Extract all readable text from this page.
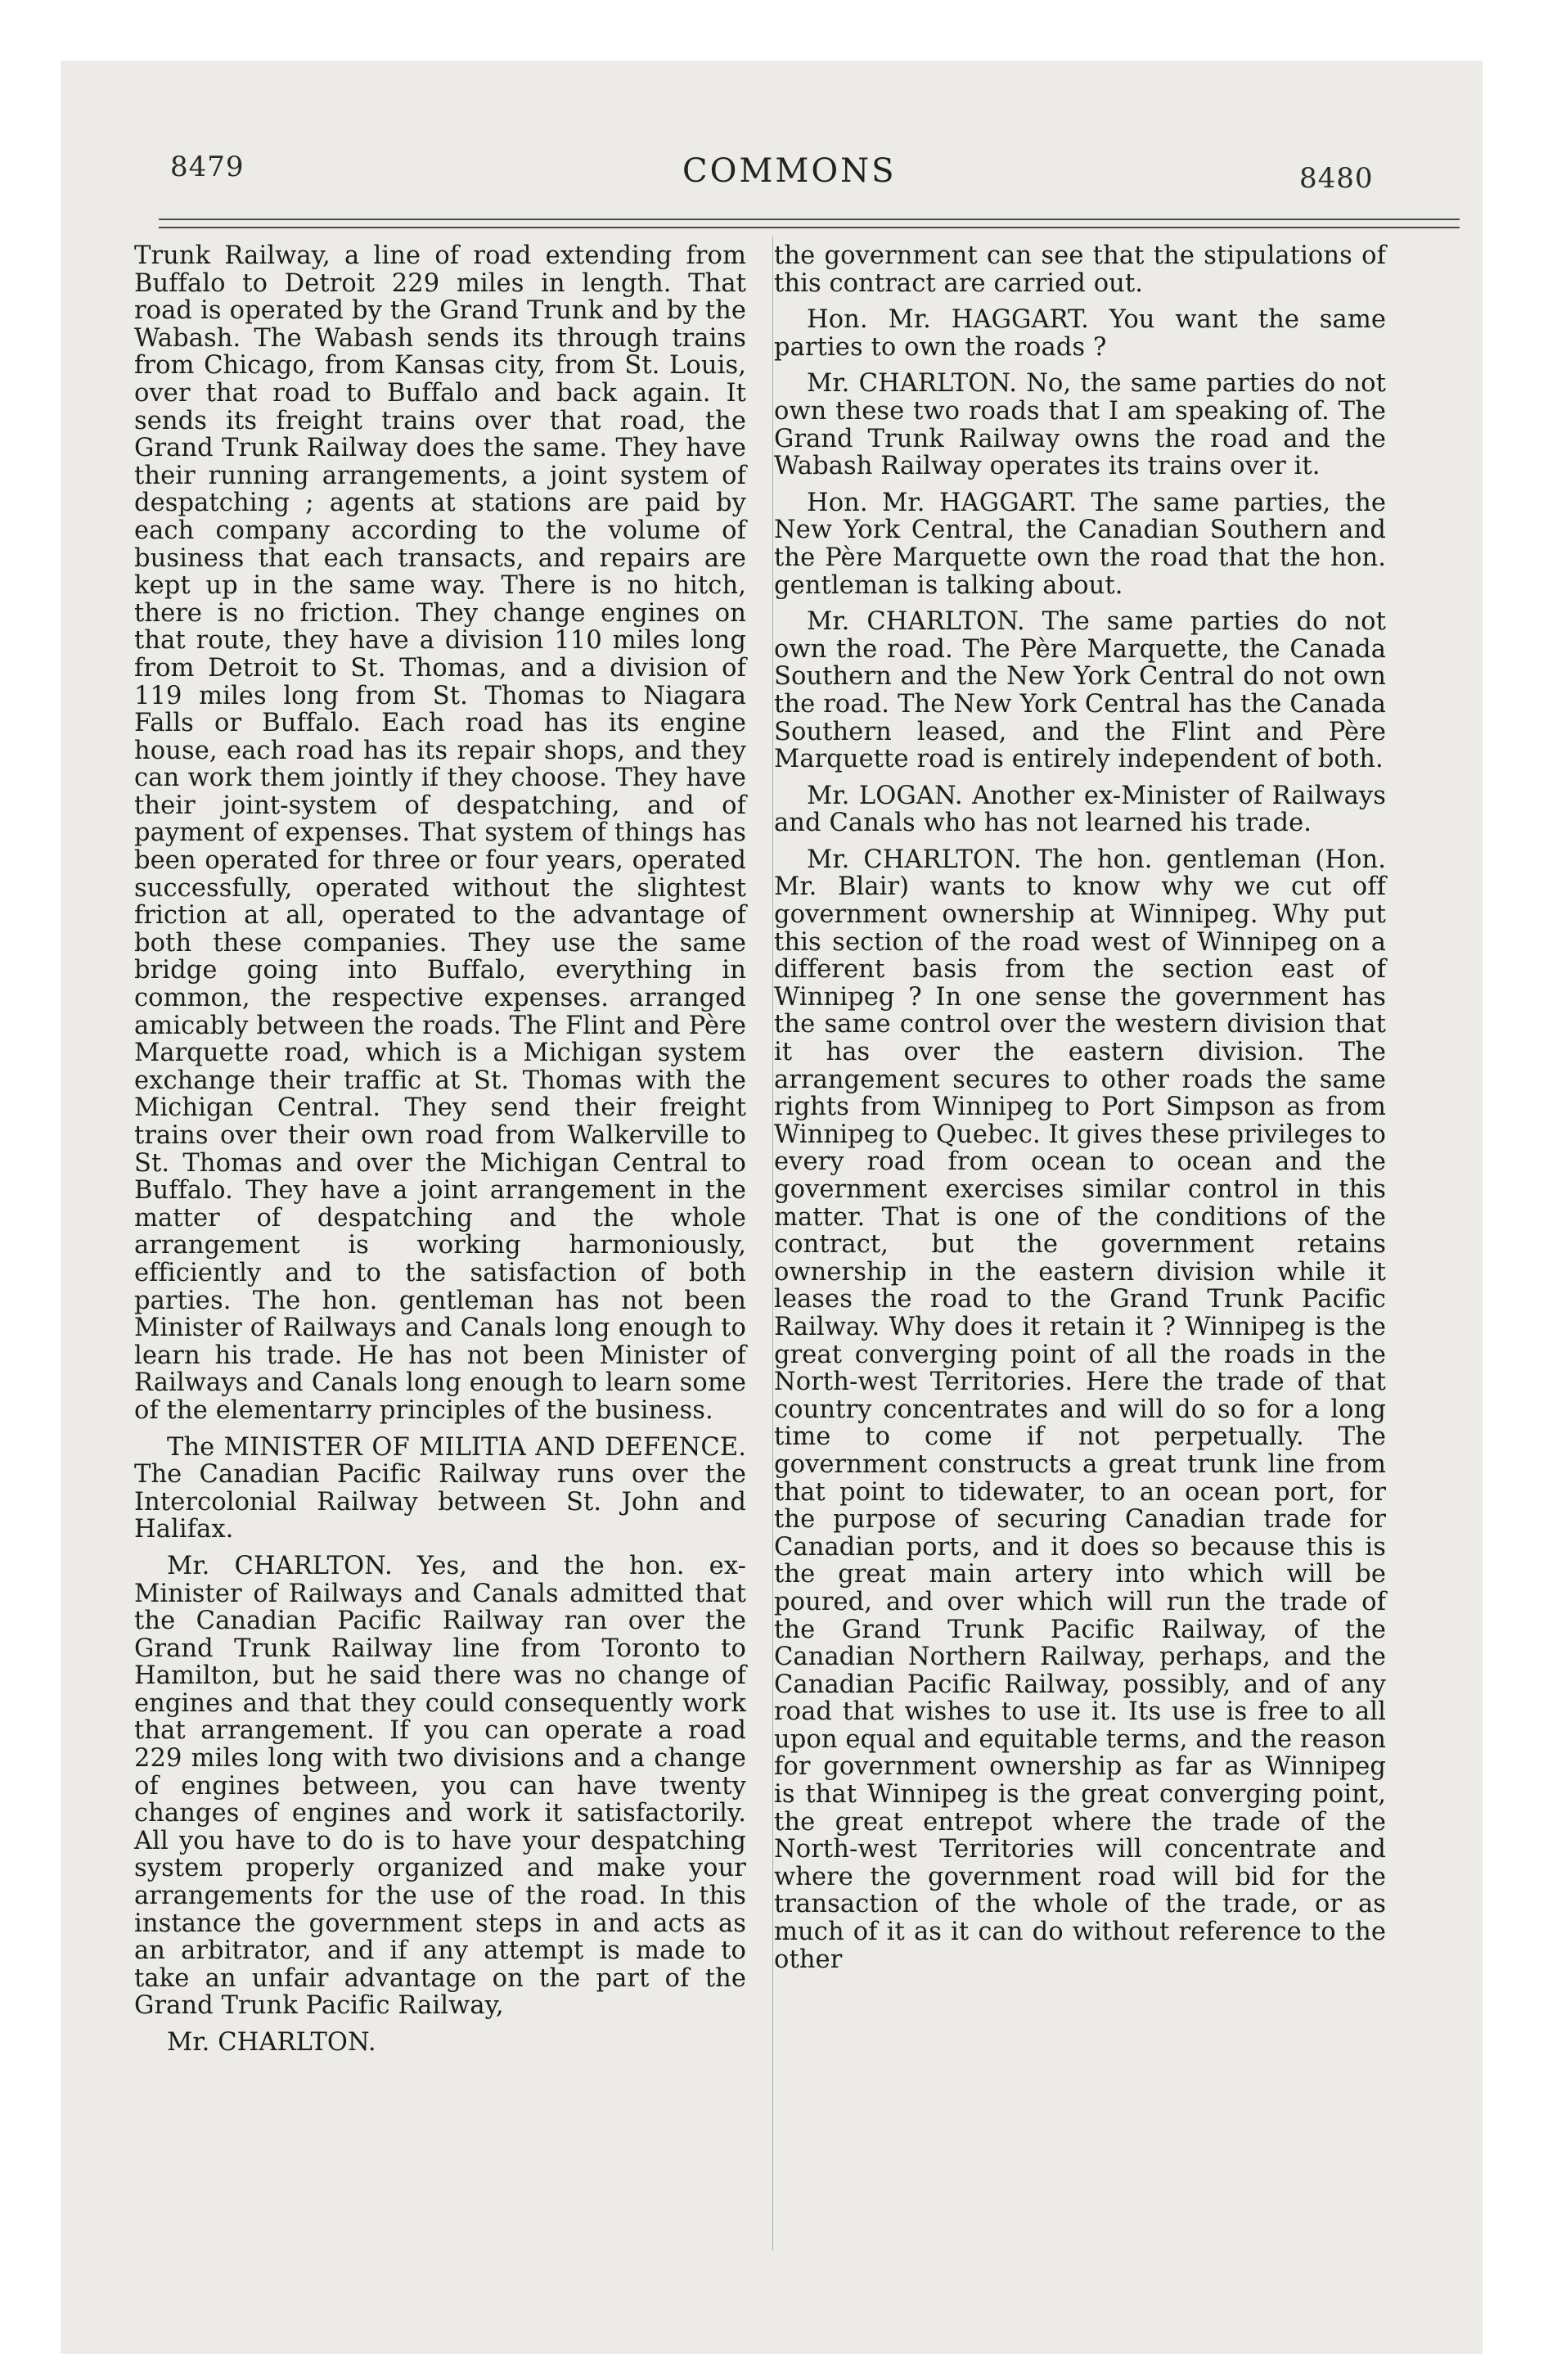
8479	COMMONS	8480

Trunk Railway, a line of road extending from Buffalo to Detroit 229 miles in length. That road is operated by the Grand Trunk and by the Wabash. The Wabash sends its through trains from Chicago, from Kansas city, from St. Louis, over that road to Buffalo and back again. It sends its freight trains over that road, the Grand Trunk Railway does the same. They have their running arrangements, a joint system of despatching ; agents at stations are paid by each company according to the volume of business that each transacts, and repairs are kept up in the same way. There is no hitch, there is no friction. They change engines on that route, they have a division 110 miles long from Detroit to St. Thomas, and a division of 119 miles long from St. Thomas to Niagara Falls or Buffalo. Each road has its engine house, each road has its repair shops, and they can work them jointly if they choose. They have their joint-system of despatching, and of payment of expenses. That system of things has been operated for three or four years, operated successfully, operated without the slightest friction at all, operated to the advantage of both these companies. They use the same bridge going into Buffalo, everything in common, the respective expenses. arranged amicably between the roads. The Flint and Père Marquette road, which is a Michigan system exchange their traffic at St. Thomas with the Michigan Central. They send their freight trains over their own road from Walkerville to St. Thomas and over the Michigan Central to Buffalo. They have a joint arrangement in the matter of despatching and the whole arrangement is working harmoniously, efficiently and to the satisfaction of both parties. The hon. gentleman has not been Minister of Railways and Canals long enough to learn his trade. He has not been Minister of Railways and Canals long enough to learn some of the elementarry principles of the business.

The MINISTER OF MILITIA AND DEFENCE. The Canadian Pacific Railway runs over the Intercolonial Railway between St. John and Halifax.

Mr. CHARLTON. Yes, and the hon. ex-Minister of Railways and Canals admitted that the Canadian Pacific Railway ran over the Grand Trunk Railway line from Toronto to Hamilton, but he said there was no change of engines and that they could consequently work that arrangement. If you can operate a road 229 miles long with two divisions and a change of engines between, you can have twenty changes of engines and work it satisfactorily. All you have to do is to have your despatching system properly organized and make your arrangements for the use of the road. In this instance the government steps in and acts as an arbitrator, and if any attempt is made to take an unfair advantage on the part of the Grand Trunk Pacific Railway,

Mr. CHARLTON.

the government can see that the stipulations of this contract are carried out.

Hon. Mr. HAGGART. You want the same parties to own the roads ?

Mr. CHARLTON. No, the same parties do not own these two roads that I am speaking of. The Grand Trunk Railway owns the road and the Wabash Railway operates its trains over it.

Hon. Mr. HAGGART. The same parties, the New York Central, the Canadian Southern and the Père Marquette own the road that the hon. gentleman is talking about.

Mr. CHARLTON. The same parties do not own the road. The Père Marquette, the Canada Southern and the New York Central do not own the road. The New York Central has the Canada Southern leased, and the Flint and Père Marquette road is entirely independent of both.

Mr. LOGAN. Another ex-Minister of Railways and Canals who has not learned his trade.

Mr. CHARLTON. The hon. gentleman (Hon. Mr. Blair) wants to know why we cut off government ownership at Winnipeg. Why put this section of the road west of Winnipeg on a different basis from the section east of Winnipeg ? In one sense the government has the same control over the western division that it has over the eastern division. The arrangement secures to other roads the same rights from Winnipeg to Port Simpson as from Winnipeg to Quebec. It gives these privileges to every road from ocean to ocean and the government exercises similar control in this matter. That is one of the conditions of the contract, but the government retains ownership in the eastern division while it leases the road to the Grand Trunk Pacific Railway. Why does it retain it ? Winnipeg is the great converging point of all the roads in the North-west Territories. Here the trade of that country concentrates and will do so for a long time to come if not perpetually. The government constructs a great trunk line from that point to tidewater, to an ocean port, for the purpose of securing Canadian trade for Canadian ports, and it does so because this is the great main artery into which will be poured, and over which will run the trade of the Grand Trunk Pacific Railway, of the Canadian Northern Railway, perhaps, and the Canadian Pacific Railway, possibly, and of any road that wishes to use it. Its use is free to all upon equal and equitable terms, and the reason for government ownership as far as Winnipeg is that Winnipeg is the great converging point, the great entrepot where the trade of the North-west Territories will concentrate and where the government road will bid for the transaction of the whole of the trade, or as much of it as it can do without reference to the other
